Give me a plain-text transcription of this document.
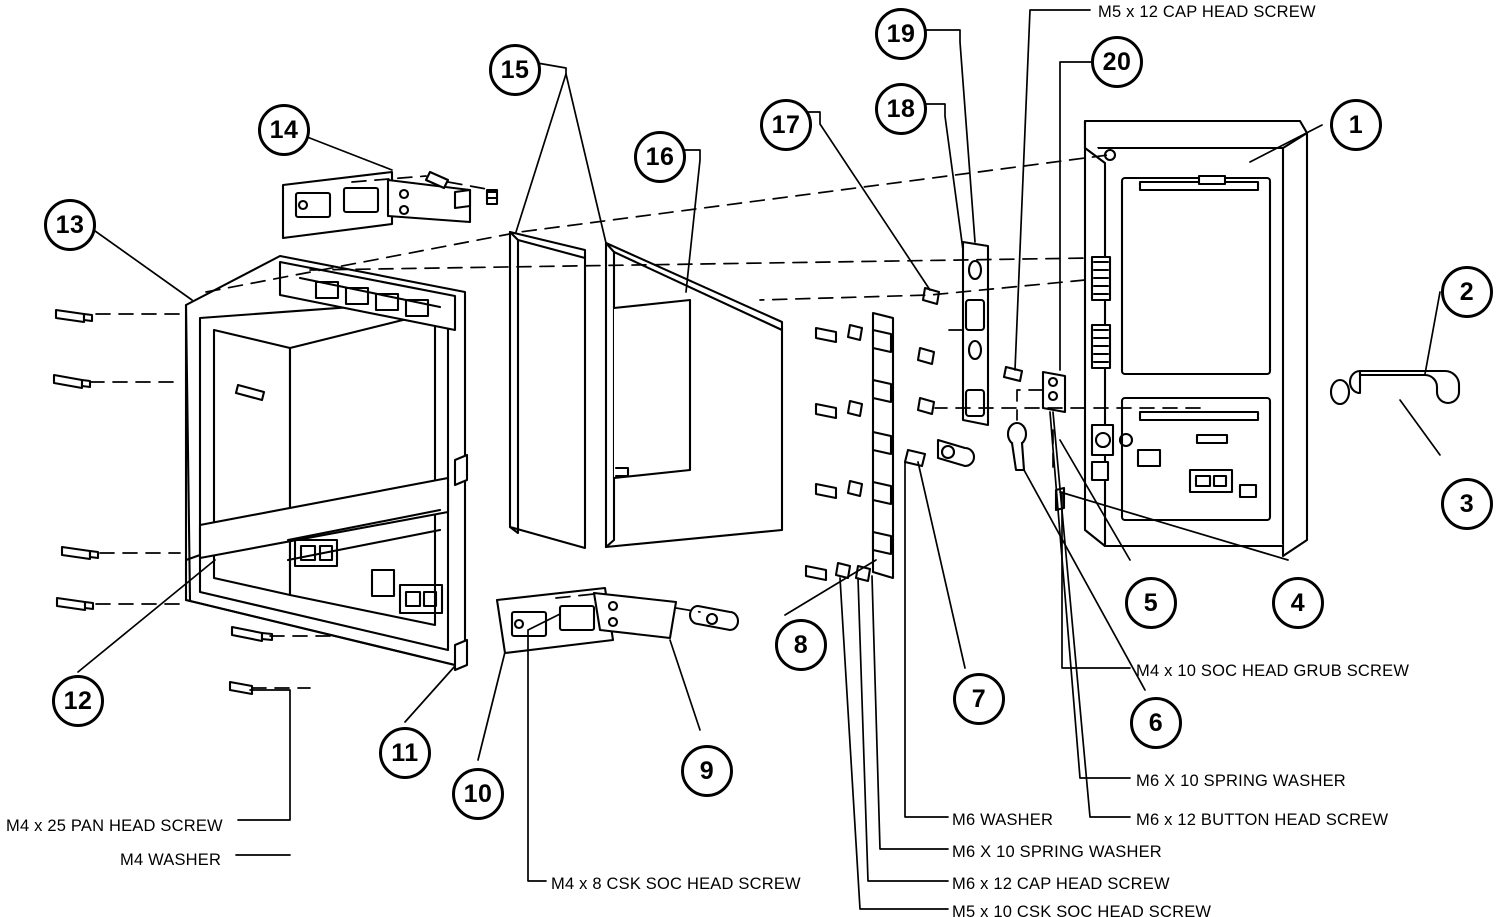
1
2
3
4
5
6
7
8
9
10
11
12
13
14
15
16
17
18
19
20
M5 x 12 CAP HEAD SCREW
M4 x 10 SOC HEAD GRUB SCREW
M6 X 10 SPRING WASHER
M6 x 12 BUTTON HEAD SCREW
M6 WASHER
M6 X 10 SPRING WASHER
M6 x 12 CAP HEAD SCREW
M5 x 10 CSK SOC HEAD SCREW
M4 x 8 CSK SOC HEAD SCREW
M4 x 25 PAN HEAD SCREW
M4 WASHER
